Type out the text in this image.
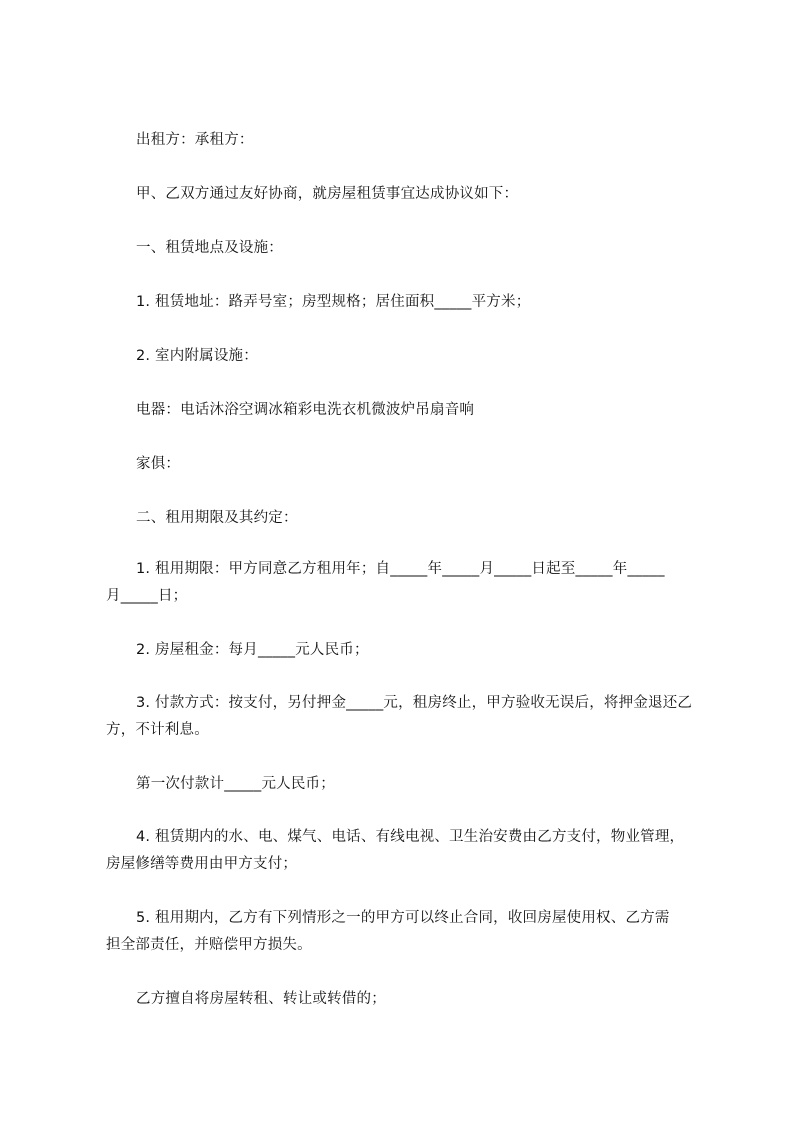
出租方：承租方：
甲、乙双方通过友好协商，就房屋租赁事宜达成协议如下：
一、租赁地点及设施：
1. 租赁地址：路弄号室；房型规格；居住面积_____平方米；
2. 室内附属设施：
电器：电话沐浴空调冰箱彩电洗衣机微波炉吊扇音响
家俱：
二、租用期限及其约定：
1. 租用期限：甲方同意乙方租用年；自_____年_____月_____日起至_____年_____
月_____日；
2. 房屋租金：每月_____元人民币；
3. 付款方式：按支付，另付押金_____元，租房终止，甲方验收无误后，将押金退还乙
方，不计利息。
第一次付款计_____元人民币；
4. 租赁期内的水、电、煤气、电话、有线电视、卫生治安费由乙方支付，物业管理，
房屋修缮等费用由甲方支付；
5. 租用期内，乙方有下列情形之一的甲方可以终止合同，收回房屋使用权、乙方需
担全部责任，并赔偿甲方损失。
乙方擅自将房屋转租、转让或转借的；
